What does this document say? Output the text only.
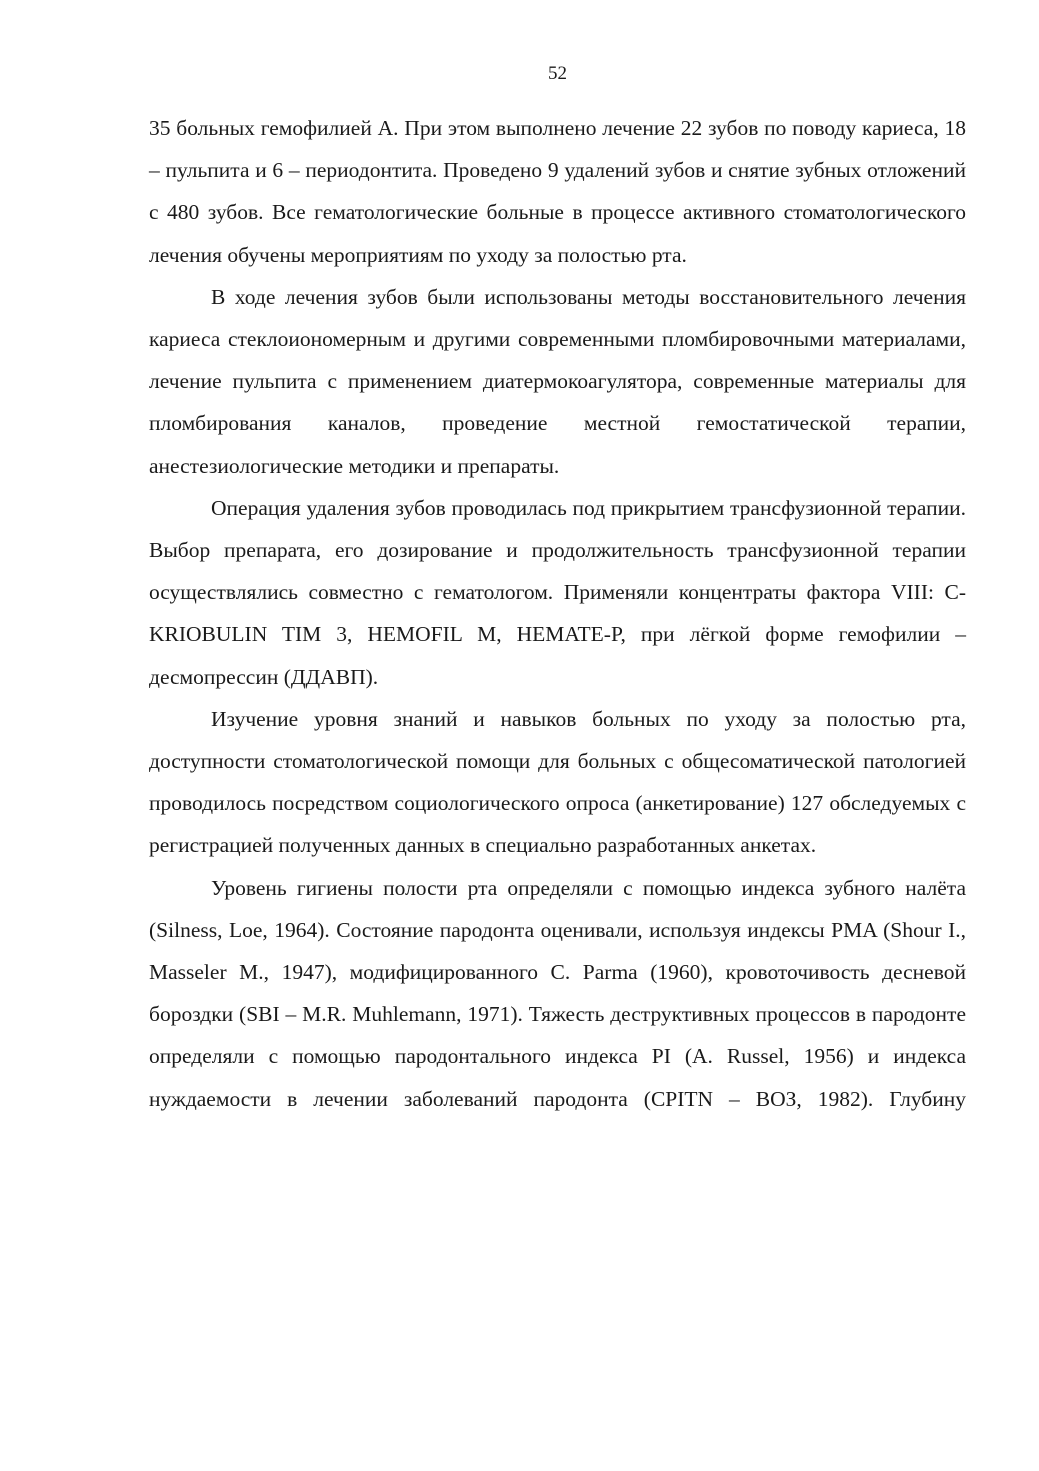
52

35 больных гемофилией А. При этом выполнено лечение 22 зубов по поводу кариеса, 18 – пульпита и 6 – периодонтита. Проведено 9 удалений зубов и снятие зубных отложений с 480 зубов. Все гематологические больные в процессе активного стоматологического лечения обучены мероприятиям по уходу за полостью рта.

В ходе лечения зубов были использованы методы восстановительного лечения кариеса стеклоиономерным и другими современными пломбировочными материалами, лечение пульпита с применением диатермокоагулятора, современные материалы для пломбирования каналов, проведение местной гемостатической терапии, анестезиологические методики и препараты.

Операция удаления зубов проводилась под прикрытием трансфузионной терапии. Выбор препарата, его дозирование и продолжительность трансфузионной терапии осуществлялись совместно с гематологом. Применяли концентраты фактора VIII: C-KRIOBULIN TIM 3, HEMOFIL M, HEMATE-P, при лёгкой форме гемофилии – десмопрессин (ДДАВП).

Изучение уровня знаний и навыков больных по уходу за полостью рта, доступности стоматологической помощи для больных с общесоматической патологией проводилось посредством социологического опроса (анкетирование) 127 обследуемых с регистрацией полученных данных в специально разработанных анкетах.

Уровень гигиены полости рта определяли с помощью индекса зубного налёта (Silness, Loe, 1964). Состояние пародонта оценивали, используя индексы PMA (Shour I., Masseler M., 1947), модифицированного C. Parma (1960), кровоточивость десневой бороздки (SBI – M.R. Muhlemann, 1971). Тяжесть деструктивных процессов в пародонте определяли с помощью пародонтального индекса PI (A. Russel, 1956) и индекса нуждаемости в лечении заболеваний пародонта (CPITN – ВОЗ, 1982). Глубину
